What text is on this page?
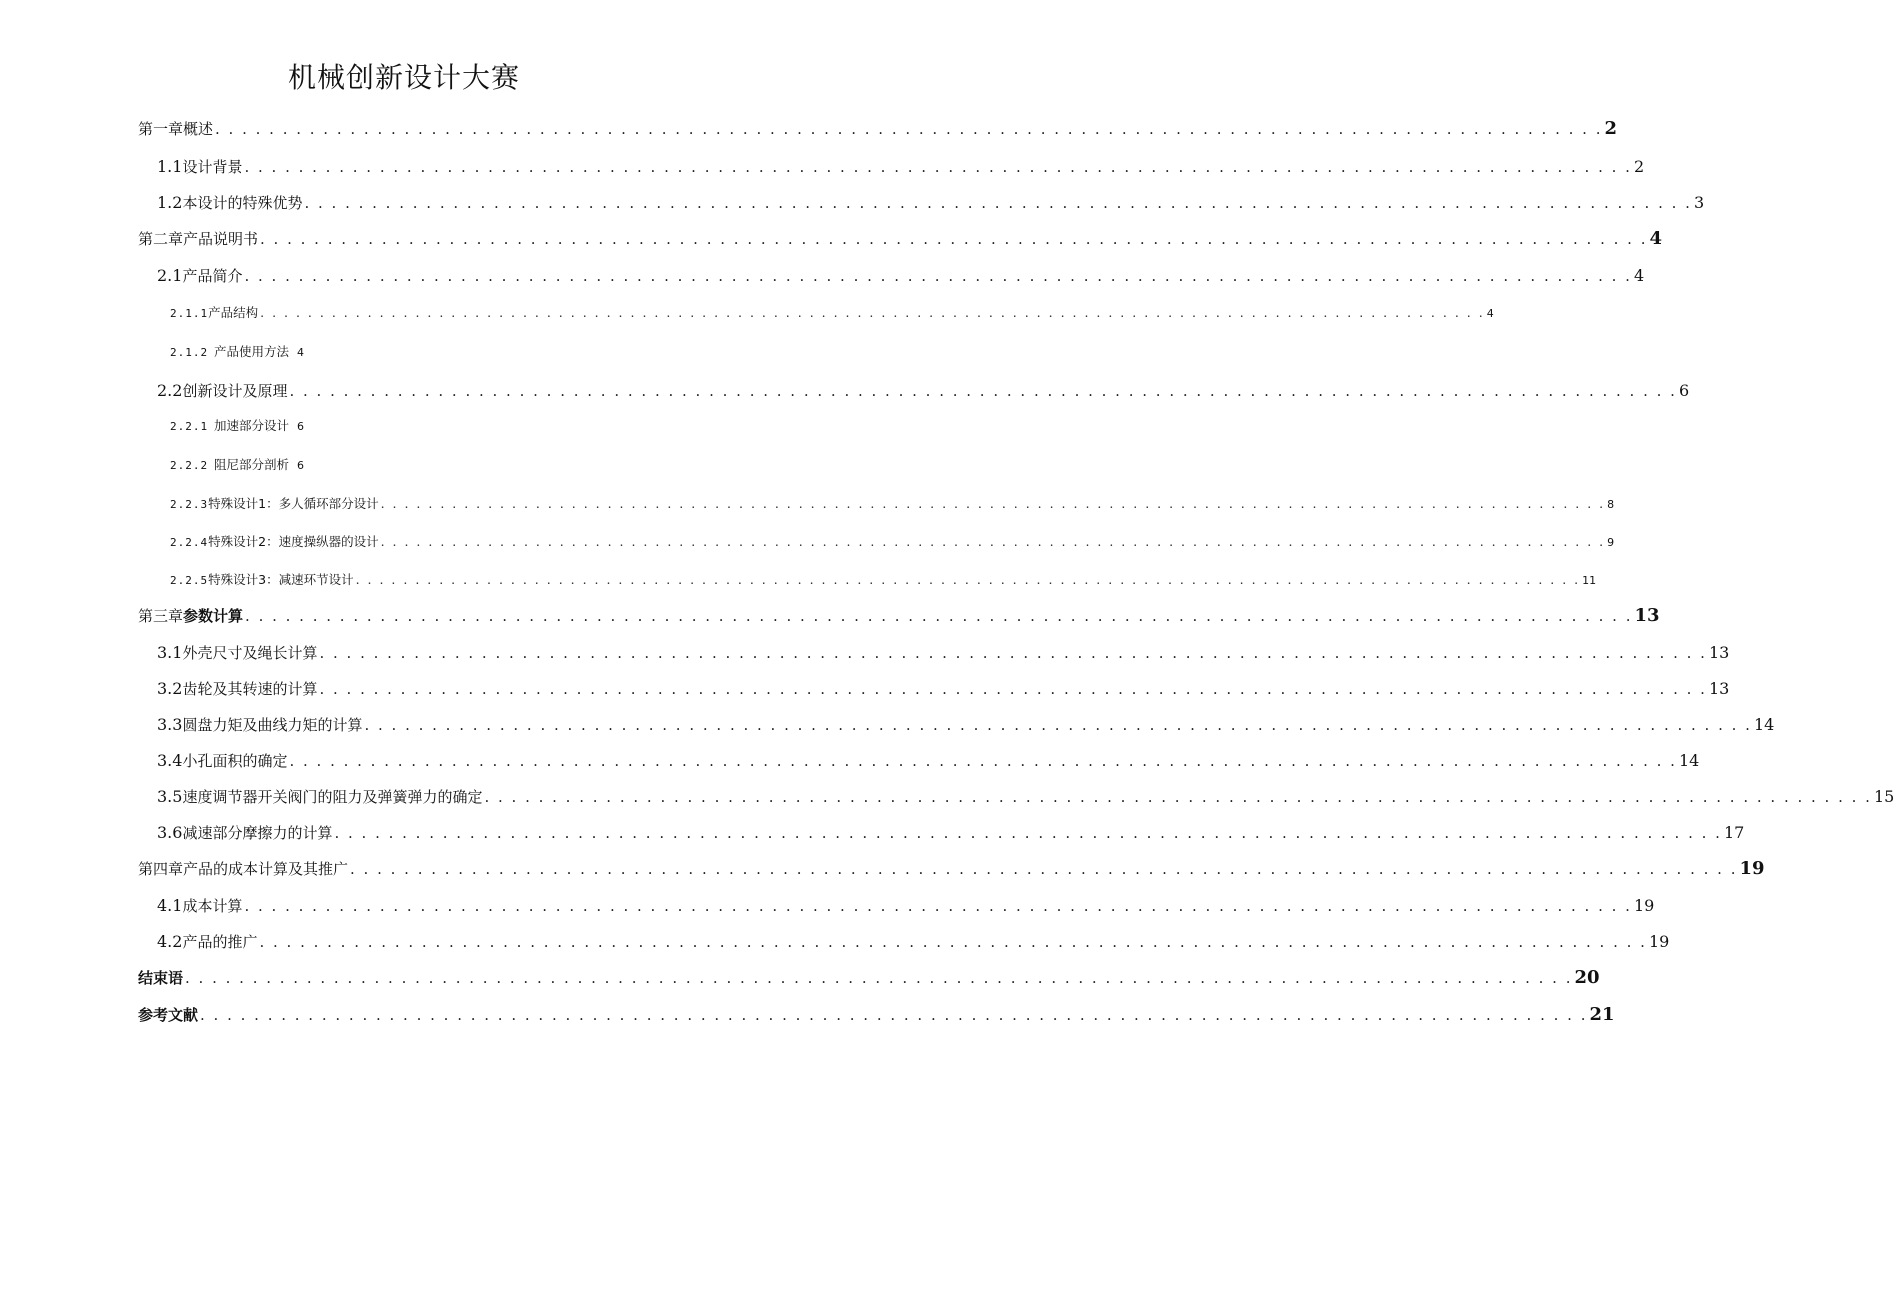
机械创新设计大赛
第一章概述 . . . . . . . . . . . . . . . . . . . . . . . . . . . . . . . . . . . . . . . . . . . . . . . . . . . . . . . . . . . . . . . . . . . . . . . . . . . . . . . . . . . . . . . . . . . . . . . . . . . . . . . 2
1.1 设计背景 . . . . . . . . . . . . . . . . . . . . . . . . . . . . . . . . . . . . . . . . . . . . . . . . . . . . . . . . . . . . . . . . . . . . . . . . . . . . . . . . . . . . . . . . . . . . . . . . . . . . . . . 2
1.2 本设计的特殊优势 . . . . . . . . . . . . . . . . . . . . . . . . . . . . . . . . . . . . . . . . . . . . . . . . . . . . . . . . . . . . . . . . . . . . . . . . . . . . . . . . . . . . . . . . . . . . . . . . . . . . . . . 3
第二章产品说明书 . . . . . . . . . . . . . . . . . . . . . . . . . . . . . . . . . . . . . . . . . . . . . . . . . . . . . . . . . . . . . . . . . . . . . . . . . . . . . . . . . . . . . . . . . . . . . . . . . . . . . . . 4
2.1 产品简介 . . . . . . . . . . . . . . . . . . . . . . . . . . . . . . . . . . . . . . . . . . . . . . . . . . . . . . . . . . . . . . . . . . . . . . . . . . . . . . . . . . . . . . . . . . . . . . . . . . . . . . . 4
2.1.1 产品结构 . . . . . . . . . . . . . . . . . . . . . . . . . . . . . . . . . . . . . . . . . . . . . . . . . . . . . . . . . . . . . . . . . . . . . . . . . . . . . . . . . . . . . . . . . . . . . . . . . . . . . . . 4
2.1.2 产品使用方法 4
2.2 创新设计及原理 . . . . . . . . . . . . . . . . . . . . . . . . . . . . . . . . . . . . . . . . . . . . . . . . . . . . . . . . . . . . . . . . . . . . . . . . . . . . . . . . . . . . . . . . . . . . . . . . . . . . . . . 6
2.2.1 加速部分设计 6
2.2.2 阻尼部分剖析 6
2.2.3 特殊设计1：多人循环部分设计 . . . . . . . . . . . . . . . . . . . . . . . . . . . . . . . . . . . . . . . . . . . . . . . . . . . . . . . . . . . . . . . . . . . . . . . . . . . . . . . . . . . . . . . . . . . . . . . . . . . . . . . 8
2.2.4 特殊设计2：速度操纵器的设计 . . . . . . . . . . . . . . . . . . . . . . . . . . . . . . . . . . . . . . . . . . . . . . . . . . . . . . . . . . . . . . . . . . . . . . . . . . . . . . . . . . . . . . . . . . . . . . . . . . . . . . . 9
2.2.5 特殊设计3：减速环节设计 . . . . . . . . . . . . . . . . . . . . . . . . . . . . . . . . . . . . . . . . . . . . . . . . . . . . . . . . . . . . . . . . . . . . . . . . . . . . . . . . . . . . . . . . . . . . . . . . . . . . . . . 11
第三章参数计算 . . . . . . . . . . . . . . . . . . . . . . . . . . . . . . . . . . . . . . . . . . . . . . . . . . . . . . . . . . . . . . . . . . . . . . . . . . . . . . . . . . . . . . . . . . . . . . . . . . . . . . . 13
3.1 外壳尺寸及绳长计算 . . . . . . . . . . . . . . . . . . . . . . . . . . . . . . . . . . . . . . . . . . . . . . . . . . . . . . . . . . . . . . . . . . . . . . . . . . . . . . . . . . . . . . . . . . . . . . . . . . . . . . . 13
3.2 齿轮及其转速的计算 . . . . . . . . . . . . . . . . . . . . . . . . . . . . . . . . . . . . . . . . . . . . . . . . . . . . . . . . . . . . . . . . . . . . . . . . . . . . . . . . . . . . . . . . . . . . . . . . . . . . . . . 13
3.3 圆盘力矩及曲线力矩的计算 . . . . . . . . . . . . . . . . . . . . . . . . . . . . . . . . . . . . . . . . . . . . . . . . . . . . . . . . . . . . . . . . . . . . . . . . . . . . . . . . . . . . . . . . . . . . . . . . . . . . . . . 14
3.4 小孔面积的确定 . . . . . . . . . . . . . . . . . . . . . . . . . . . . . . . . . . . . . . . . . . . . . . . . . . . . . . . . . . . . . . . . . . . . . . . . . . . . . . . . . . . . . . . . . . . . . . . . . . . . . . . 14
3.5 速度调节器开关阀门的阻力及弹簧弹力的确定 . . . . . . . . . . . . . . . . . . . . . . . . . . . . . . . . . . . . . . . . . . . . . . . . . . . . . . . . . . . . . . . . . . . . . . . . . . . . . . . . . . . . . . . . . . . . . . . . . . . . . . . 15
3.6 减速部分摩擦力的计算 . . . . . . . . . . . . . . . . . . . . . . . . . . . . . . . . . . . . . . . . . . . . . . . . . . . . . . . . . . . . . . . . . . . . . . . . . . . . . . . . . . . . . . . . . . . . . . . . . . . . . . . 17
第四章产品的成本计算及其推广 . . . . . . . . . . . . . . . . . . . . . . . . . . . . . . . . . . . . . . . . . . . . . . . . . . . . . . . . . . . . . . . . . . . . . . . . . . . . . . . . . . . . . . . . . . . . . . . . . . . . . . . 19
4.1 成本计算 . . . . . . . . . . . . . . . . . . . . . . . . . . . . . . . . . . . . . . . . . . . . . . . . . . . . . . . . . . . . . . . . . . . . . . . . . . . . . . . . . . . . . . . . . . . . . . . . . . . . . . . 19
4.2 产品的推广 . . . . . . . . . . . . . . . . . . . . . . . . . . . . . . . . . . . . . . . . . . . . . . . . . . . . . . . . . . . . . . . . . . . . . . . . . . . . . . . . . . . . . . . . . . . . . . . . . . . . . . . 19
结束语 . . . . . . . . . . . . . . . . . . . . . . . . . . . . . . . . . . . . . . . . . . . . . . . . . . . . . . . . . . . . . . . . . . . . . . . . . . . . . . . . . . . . . . . . . . . . . . . . . . . . . . . 20
参考文献 . . . . . . . . . . . . . . . . . . . . . . . . . . . . . . . . . . . . . . . . . . . . . . . . . . . . . . . . . . . . . . . . . . . . . . . . . . . . . . . . . . . . . . . . . . . . . . . . . . . . . . . 21
